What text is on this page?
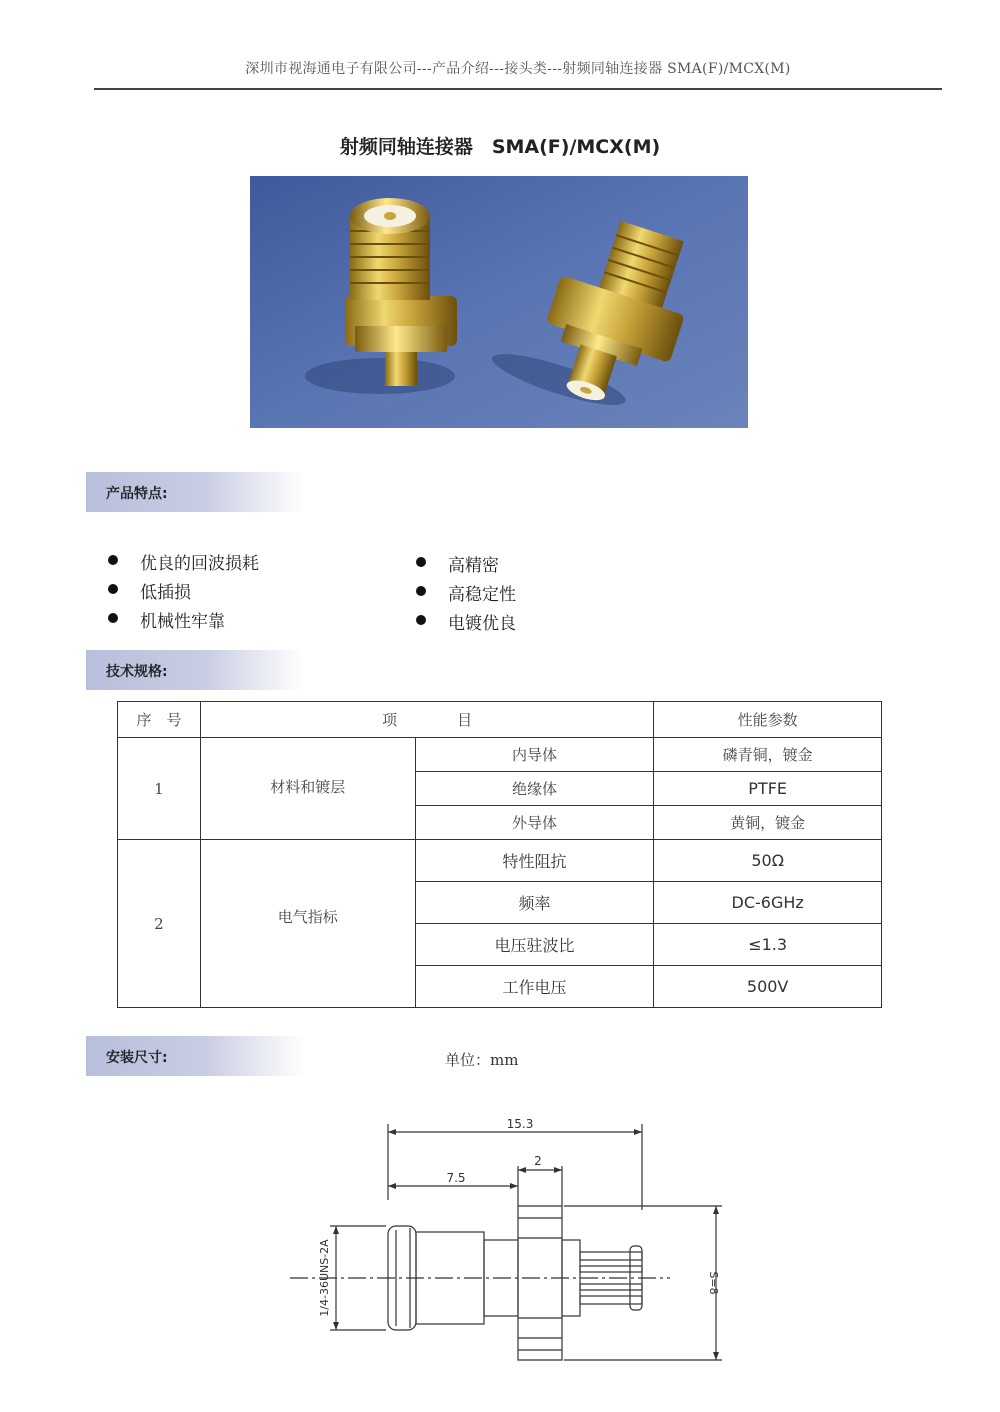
深圳市视海通电子有限公司---产品介绍---接头类---射频同轴连接器 SMA(F)/MCX(M)
射频同轴连接器　SMA(F)/MCX(M)
产品特点:
优良的回波损耗
低插损
机械性牢靠
高精密
高稳定性
电镀优良
技术规格:
序　号	项　　　　目		性能参数
1	材料和镀层	内导体	磷青铜，镀金
		绝缘体	PTFE
		外导体	黄铜，镀金
2	电气指标	特性阻抗	50Ω
		频率	DC-6GHz
		电压驻波比	≤1.3
		工作电压	500V
安装尺寸:	单位：mm
15.3
7.5
2
1/4-36UNS-2A	S=8
